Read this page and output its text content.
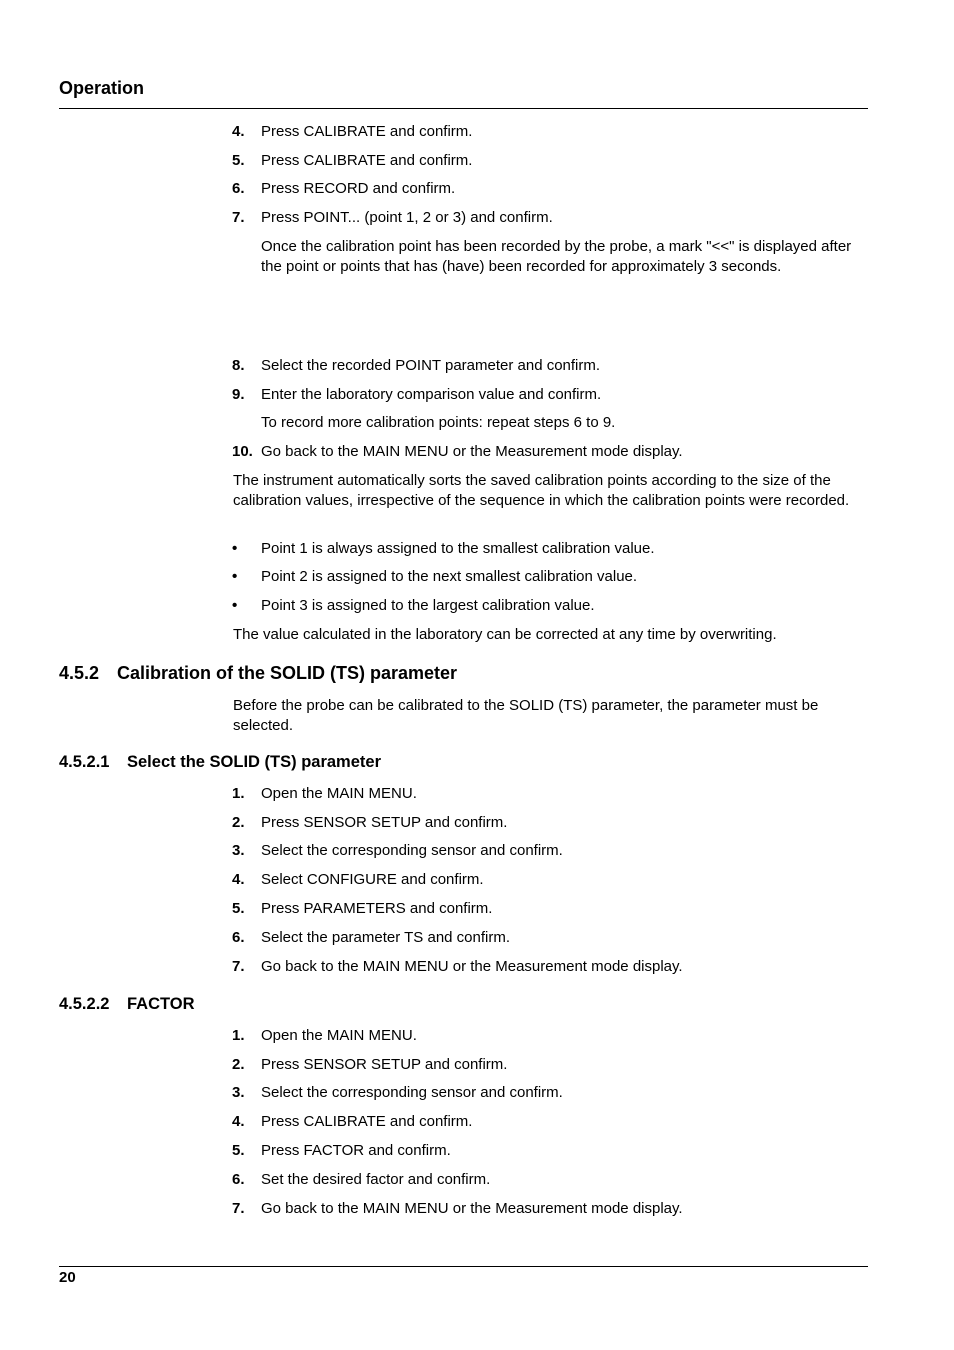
Operation
4. Press CALIBRATE and confirm.
5. Press CALIBRATE and confirm.
6. Press RECORD and confirm.
7. Press POINT... (point 1, 2 or 3) and confirm.
Once the calibration point has been recorded by the probe, a mark "<<" is displayed after the point or points that has (have) been recorded for approximately 3 seconds.
8. Select the recorded POINT parameter and confirm.
9. Enter the laboratory comparison value and confirm.
To record more calibration points: repeat steps 6 to 9.
10. Go back to the MAIN MENU or the Measurement mode display.
The instrument automatically sorts the saved calibration points according to the size of the calibration values, irrespective of the sequence in which the calibration points were recorded.
• Point 1 is always assigned to the smallest calibration value.
• Point 2 is assigned to the next smallest calibration value.
• Point 3 is assigned to the largest calibration value.
The value calculated in the laboratory can be corrected at any time by overwriting.
4.5.2 Calibration of the SOLID (TS) parameter
Before the probe can be calibrated to the SOLID (TS) parameter, the parameter must be selected.
4.5.2.1 Select the SOLID (TS) parameter
1. Open the MAIN MENU.
2. Press SENSOR SETUP and confirm.
3. Select the corresponding sensor and confirm.
4. Select CONFIGURE and confirm.
5. Press PARAMETERS and confirm.
6. Select the parameter TS and confirm.
7. Go back to the MAIN MENU or the Measurement mode display.
4.5.2.2 FACTOR
1. Open the MAIN MENU.
2. Press SENSOR SETUP and confirm.
3. Select the corresponding sensor and confirm.
4. Press CALIBRATE and confirm.
5. Press FACTOR and confirm.
6. Set the desired factor and confirm.
7. Go back to the MAIN MENU or the Measurement mode display.
20
